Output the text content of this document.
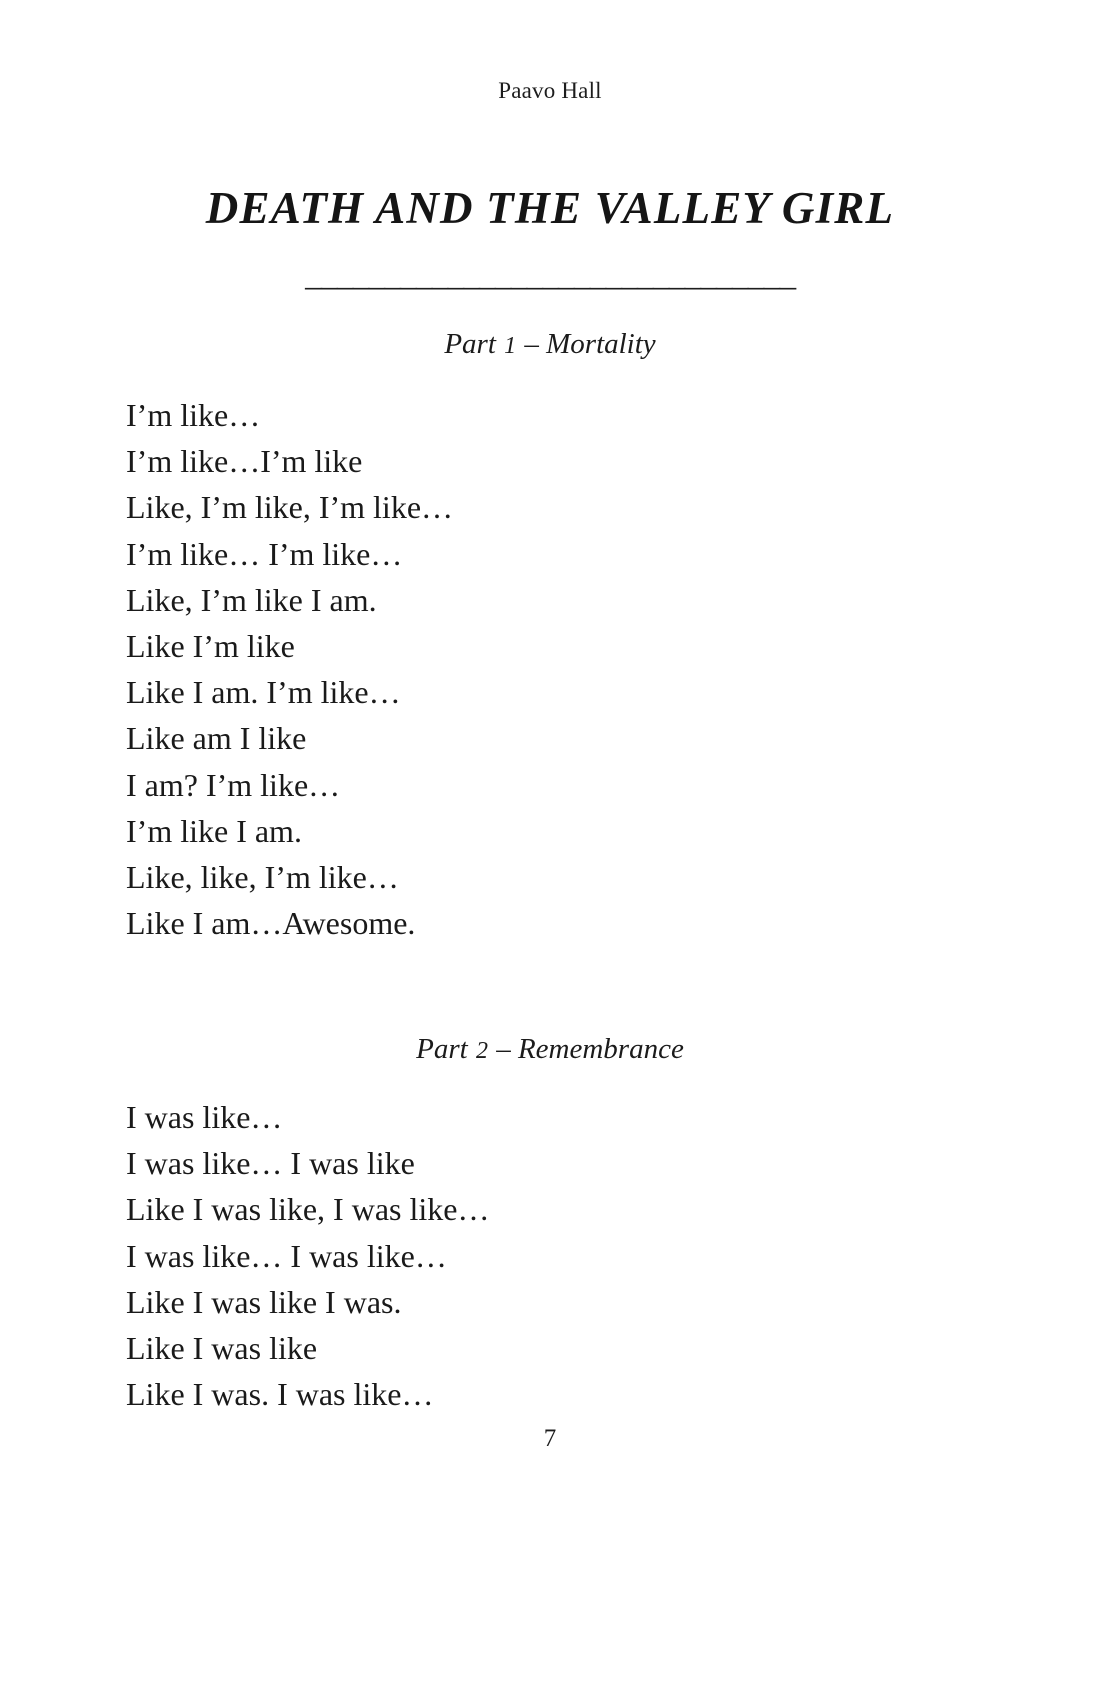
Paavo Hall
DEATH AND THE VALLEY GIRL
_______________________________
Part 1 – Mortality
I’m like…
I’m like…I’m like
Like, I’m like, I’m like…
I’m like… I’m like…
Like, I’m like I am.
Like I’m like
Like I am. I’m like…
Like am I like
I am? I’m like…
I’m like I am.
Like, like, I’m like…
Like I am…Awesome.
Part 2 – Remembrance
I was like…
I was like… I was like
Like I was like, I was like…
I was like… I was like…
Like I was like I was.
Like I was like
Like I was. I was like…
7
